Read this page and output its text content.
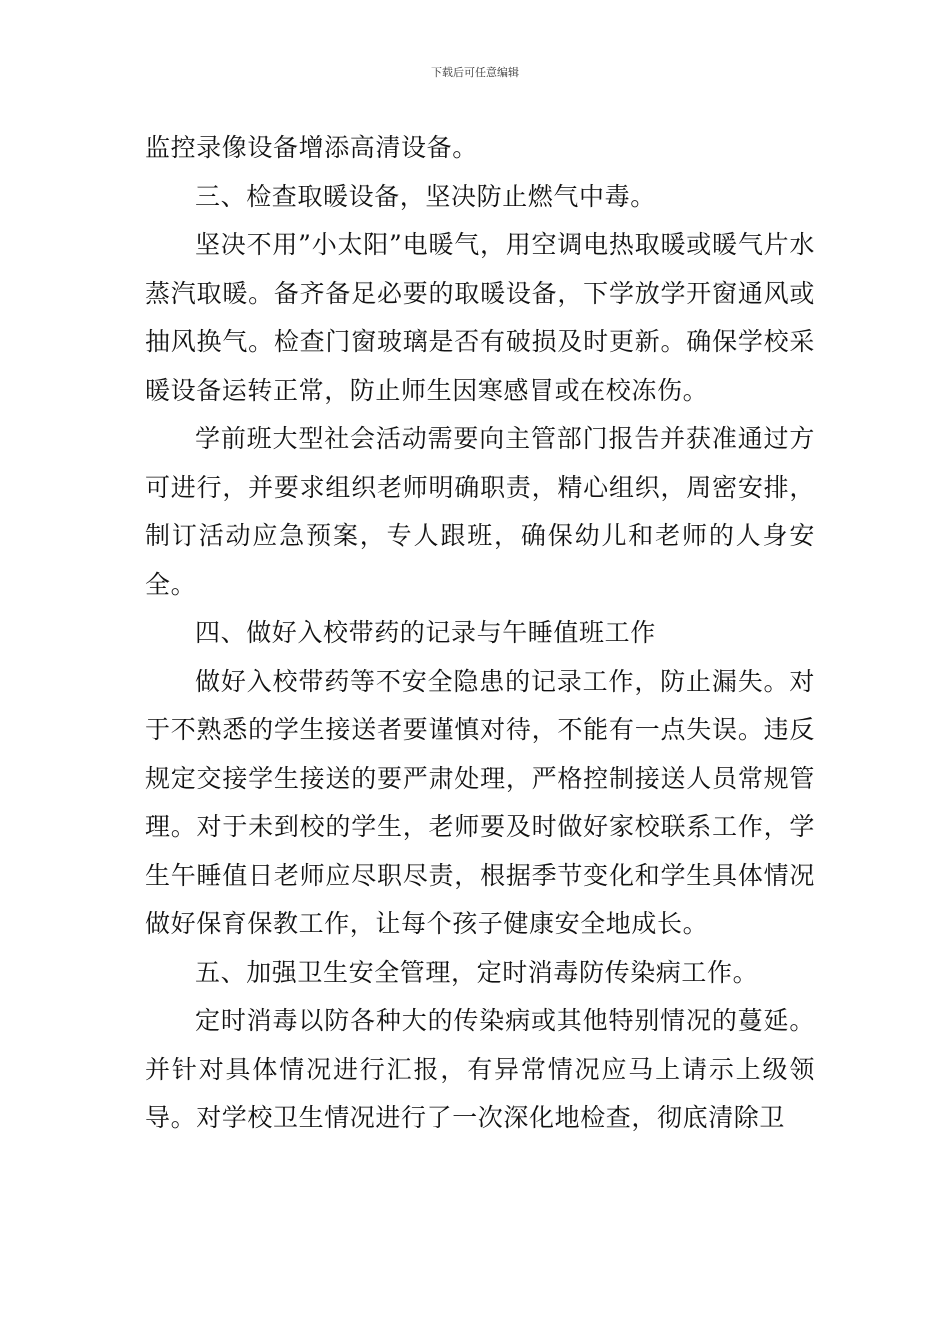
下载后可任意编辑

监控录像设备增添高清设备。

三、检查取暖设备，坚决防止燃气中毒。

坚决不用”小太阳”电暖气，用空调电热取暖或暖气片水蒸汽取暖。备齐备足必要的取暖设备，下学放学开窗通风或抽风换气。检查门窗玻璃是否有破损及时更新。确保学校采暖设备运转正常，防止师生因寒感冒或在校冻伤。

学前班大型社会活动需要向主管部门报告并获准通过方可进行，并要求组织老师明确职责，精心组织，周密安排，制订活动应急预案，专人跟班，确保幼儿和老师的人身安全。

四、做好入校带药的记录与午睡值班工作

做好入校带药等不安全隐患的记录工作，防止漏失。对于不熟悉的学生接送者要谨慎对待，不能有一点失误。违反规定交接学生接送的要严肃处理，严格控制接送人员常规管理。对于未到校的学生，老师要及时做好家校联系工作，学生午睡值日老师应尽职尽责，根据季节变化和学生具体情况做好保育保教工作，让每个孩子健康安全地成长。

五、加强卫生安全管理，定时消毒防传染病工作。

定时消毒以防各种大的传染病或其他特别情况的蔓延。并针对具体情况进行汇报，有异常情况应马上请示上级领导。对学校卫生情况进行了一次深化地检查，彻底清除卫
